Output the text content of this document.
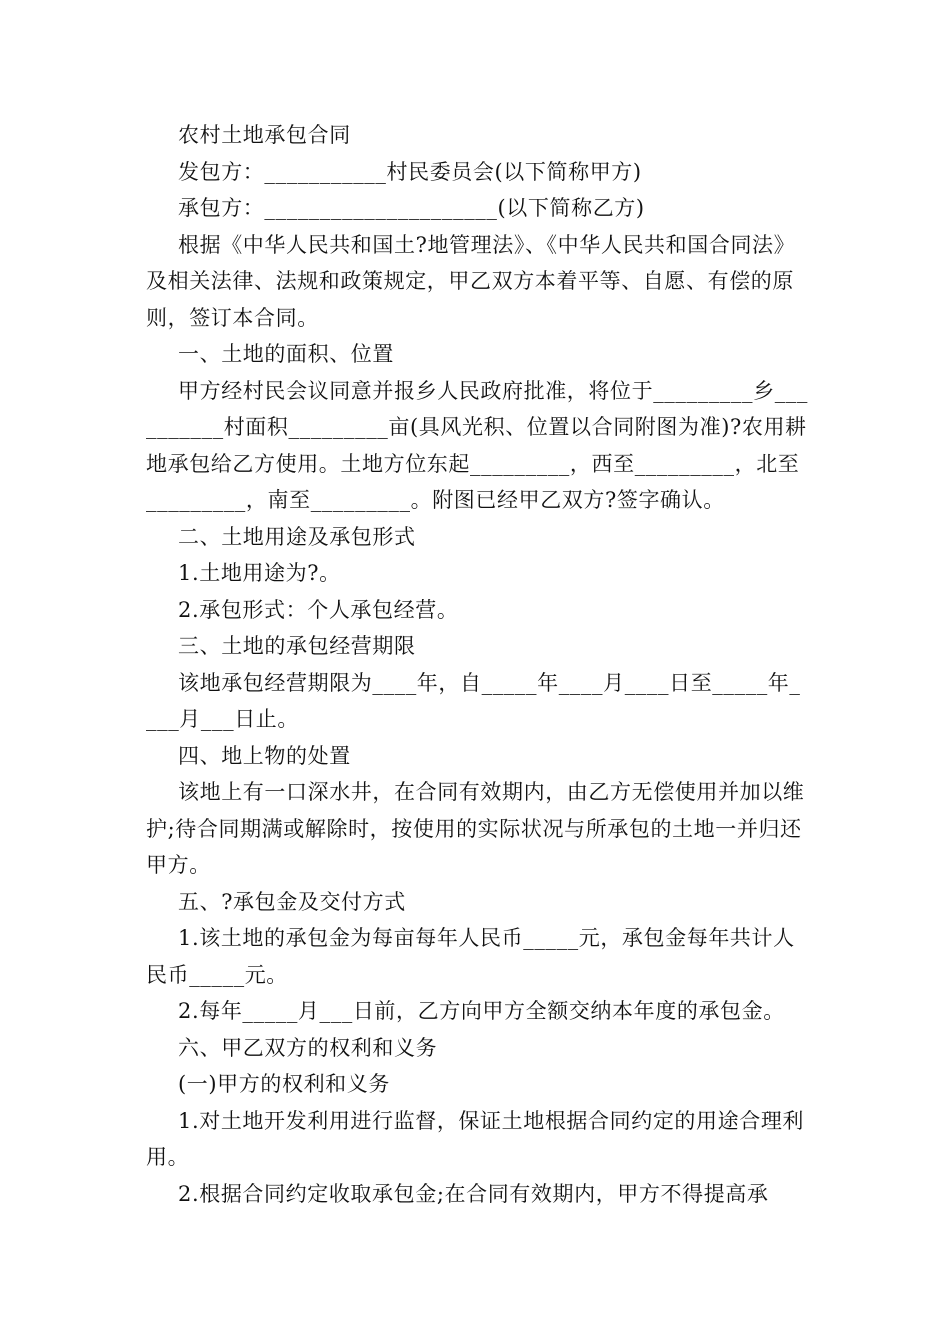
农村土地承包合同

发包方：___________村民委员会(以下简称甲方)

承包方：_____________________(以下简称乙方)

根据《中华人民共和国土?地管理法》、《中华人民共和国合同法》及相关法律、法规和政策规定，甲乙双方本着平等、自愿、有偿的原则，签订本合同。

一、土地的面积、位置

甲方经村民会议同意并报乡人民政府批准，将位于_________乡__________村面积_________亩(具风光积、位置以合同附图为准)?农用耕地承包给乙方使用。土地方位东起_________，西至_________，北至_________，南至_________。附图已经甲乙双方?签字确认。

二、土地用途及承包形式

1.土地用途为?。

2.承包形式：个人承包经营。

三、土地的承包经营期限

该地承包经营期限为____年，自_____年____月____日至_____年____月___日止。

四、地上物的处置

该地上有一口深水井，在合同有效期内，由乙方无偿使用并加以维护;待合同期满或解除时，按使用的实际状况与所承包的土地一并归还甲方。

五、?承包金及交付方式

1.该土地的承包金为每亩每年人民币_____元，承包金每年共计人民币_____元。

2.每年_____月___日前，乙方向甲方全额交纳本年度的承包金。

六、甲乙双方的权利和义务

(一)甲方的权利和义务

1.对土地开发利用进行监督，保证土地根据合同约定的用途合理利用。

2.根据合同约定收取承包金;在合同有效期内，甲方不得提高承
